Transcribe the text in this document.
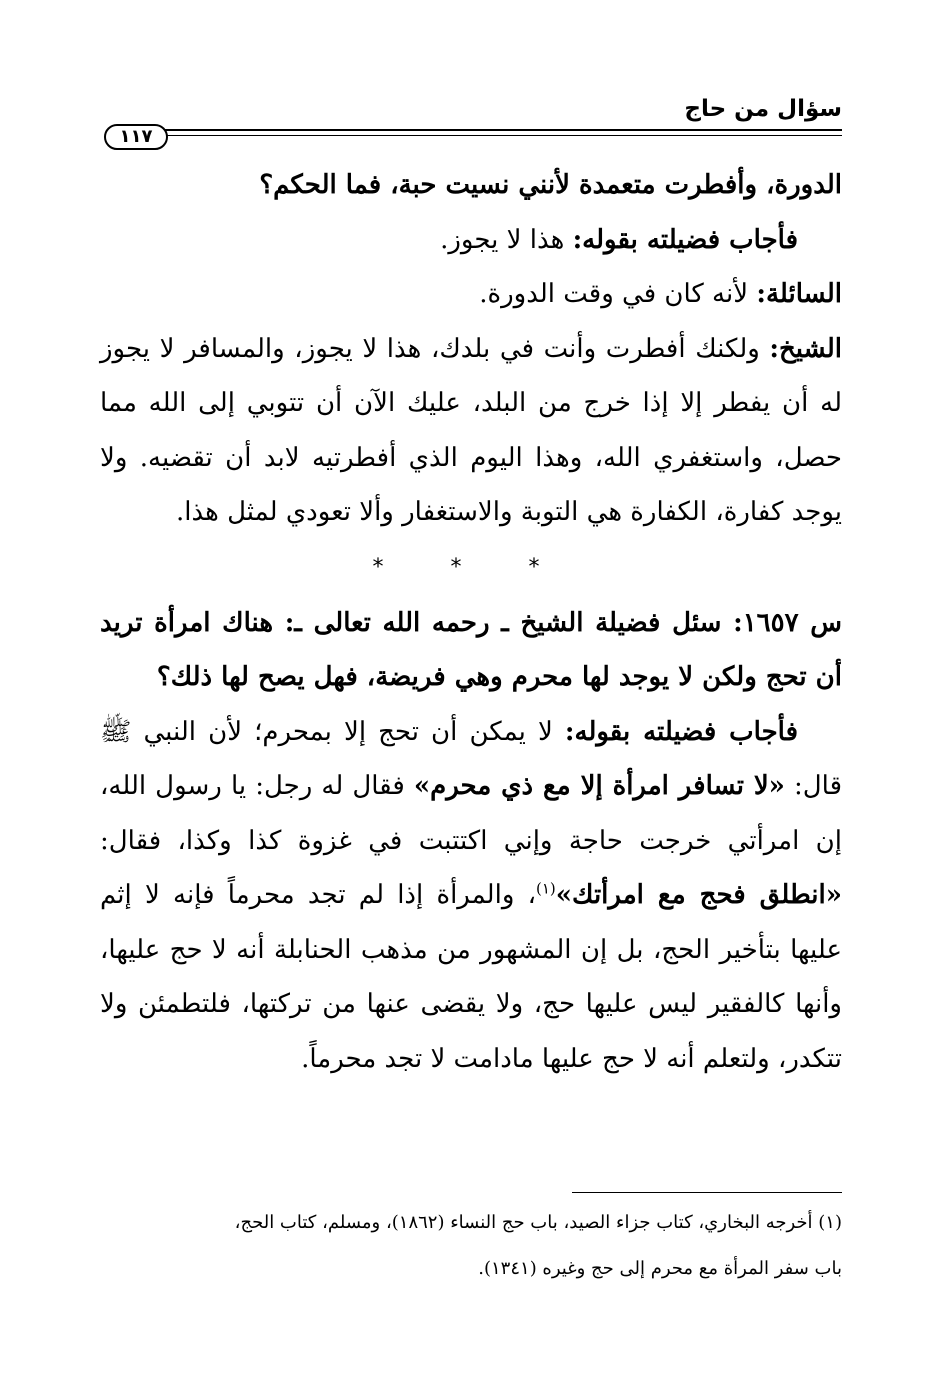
سؤال من حاج
١١٧

الدورة، وأفطرت متعمدة لأنني نسيت حبة، فما الحكم؟

فأجاب فضيلته بقوله: هذا لا يجوز.

السائلة: لأنه كان في وقت الدورة.

الشيخ: ولكنك أفطرت وأنت في بلدك، هذا لا يجوز، والمسافر لا يجوز له أن يفطر إلا إذا خرج من البلد، عليك الآن أن تتوبي إلى الله مما حصل، واستغفري الله، وهذا اليوم الذي أفطرتيه لابد أن تقضيه. ولا يوجد كفارة، الكفارة هي التوبة والاستغفار وألا تعودي لمثل هذا.

* * *

س ١٦٥٧: سئل فضيلة الشيخ ـ رحمه الله تعالى ـ: هناك امرأة تريد أن تحج ولكن لا يوجد لها محرم وهي فريضة، فهل يصح لها ذلك؟

فأجاب فضيلته بقوله: لا يمكن أن تحج إلا بمحرم؛ لأن النبي ﷺ قال: «لا تسافر امرأة إلا مع ذي محرم» فقال له رجل: يا رسول الله، إن امرأتي خرجت حاجة وإني اكتتبت في غزوة كذا وكذا، فقال: «انطلق فحج مع امرأتك»$^{(١)}$، والمرأة إذا لم تجد محرماً فإنه لا إثم عليها بتأخير الحج، بل إن المشهور من مذهب الحنابلة أنه لا حج عليها، وأنها كالفقير ليس عليها حج، ولا يقضى عنها من تركتها، فلتطمئن ولا تتكدر، ولتعلم أنه لا حج عليها مادامت لا تجد محرماً.

(١) أخرجه البخاري، كتاب جزاء الصيد، باب حج النساء (١٨٦٢)، ومسلم، كتاب الحج،

باب سفر المرأة مع محرم إلى حج وغيره (١٣٤١).
